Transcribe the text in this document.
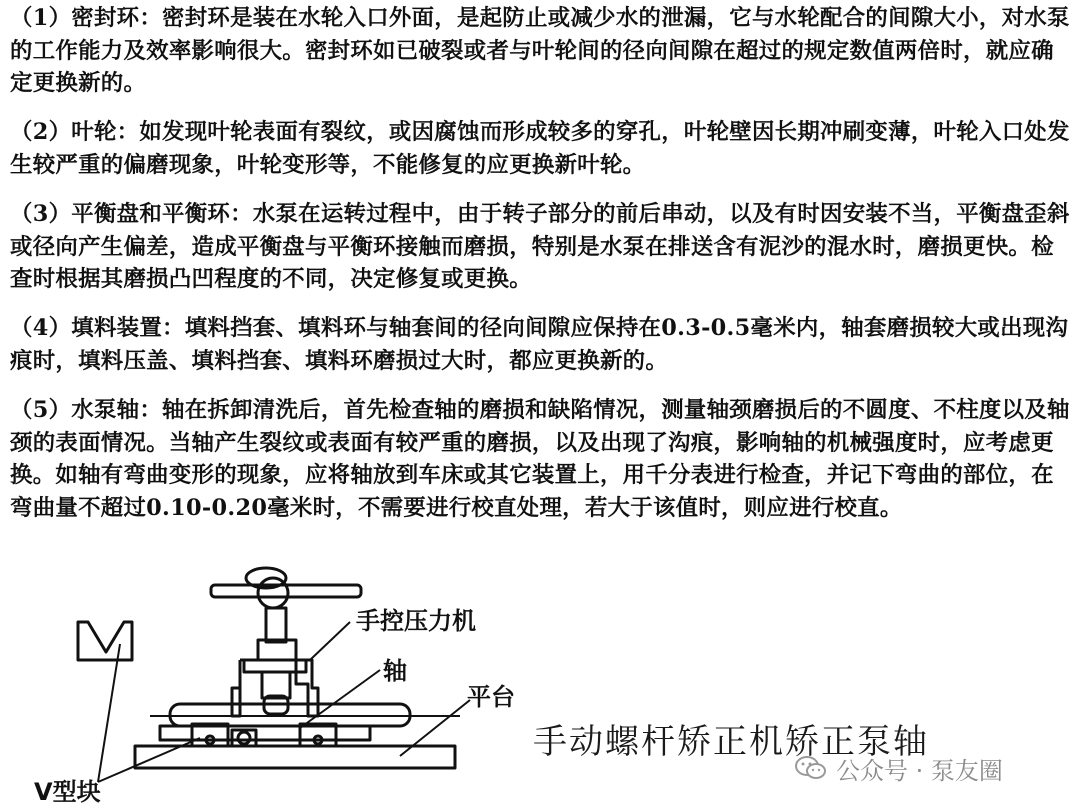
（1）密封环：密封环是装在水轮入口外面，是起防止或减少水的泄漏，它与水轮配合的间隙大小，对水泵的工作能力及效率影响很大。密封环如已破裂或者与叶轮间的径向间隙在超过的规定数值两倍时，就应确定更换新的。

（2）叶轮：如发现叶轮表面有裂纹，或因腐蚀而形成较多的穿孔，叶轮壁因长期冲刷变薄，叶轮入口处发生较严重的偏磨现象，叶轮变形等，不能修复的应更换新叶轮。

（3）平衡盘和平衡环：水泵在运转过程中，由于转子部分的前后串动，以及有时因安装不当，平衡盘歪斜或径向产生偏差，造成平衡盘与平衡环接触而磨损，特别是水泵在排送含有泥沙的混水时，磨损更快。检查时根据其磨损凸凹程度的不同，决定修复或更换。

（4）填料装置：填料挡套、填料环与轴套间的径向间隙应保持在0.3-0.5毫米内，轴套磨损较大或出现沟痕时，填料压盖、填料挡套、填料环磨损过大时，都应更换新的。

（5）水泵轴：轴在拆卸清洗后，首先检查轴的磨损和缺陷情况，测量轴颈磨损后的不圆度、不柱度以及轴颈的表面情况。当轴产生裂纹或表面有较严重的磨损，以及出现了沟痕，影响轴的机械强度时，应考虑更换。如轴有弯曲变形的现象，应将轴放到车床或其它装置上，用千分表进行检查，并记下弯曲的部位，在弯曲量不超过0.10-0.20毫米时，不需要进行校直处理，若大于该值时，则应进行校直。

手控压力机
轴
平台
V型块
手动螺杆矫正机矫正泵轴
公众号 · 泵友圈
